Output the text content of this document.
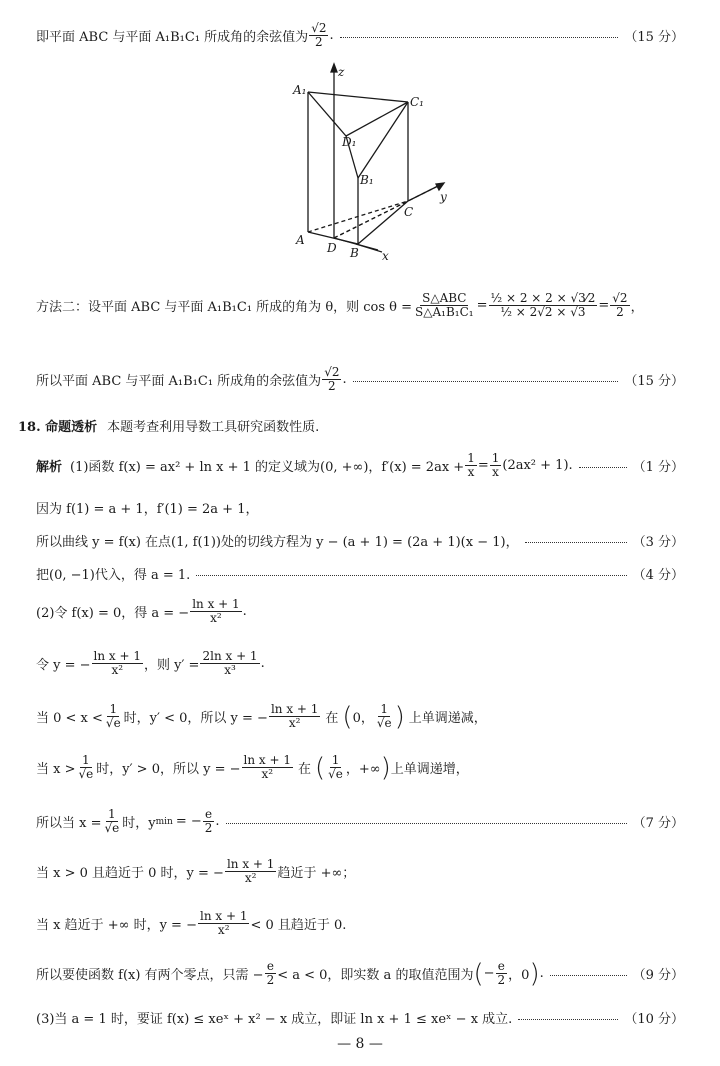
即平面 ABC 与平面 A₁B₁C₁ 所成角的余弦值为 $\frac{√2}{2}$ .	（15 分）
A₁
C₁
D₁
B₁
A
D B
C
x
y
z
方法二：设平面 ABC 与平面 A₁B₁C₁ 所成的角为 θ，则 $\cos \theta = \frac{\text{S△ABC}}{\text{S△A₁B₁C₁}} = \frac{\text{½ × 2 × 2 × √3⁄2}}{\text{½ × 2√2 × √3}} = \frac{√2}{2}$ ，
所以平面 ABC 与平面 A₁B₁C₁ 所成角的余弦值为 $\frac{√2}{2}$ .	（15 分）
18. 命题透析 本题考查利用导数工具研究函数性质.
解析 (1)函数 f(x) = ax² + ln x + 1 的定义域为(0, +∞)，$f'(x) = 2ax + \frac{1}{x} = \frac{1}{x} (2ax^2 + 1)$.	（1 分）
因为 f(1) = a + 1，f′(1) = 2a + 1，
所以曲线 y = f(x) 在点(1, f(1))处的切线方程为 y − (a + 1) = (2a + 1)(x − 1)，	（3 分）
把(0, −1)代入，得 a = 1.	（4 分）
(2)令 f(x) = 0，得 a = − $\frac{\text{ln x + 1}}{\text{x²}}$ .
令 y = − $\frac{\text{ln x + 1}}{\text{x²}}$ ，则 $y' = \frac{\text{2ln x + 1}}{\text{x³}}$ .
当 $0 < x < \frac{1}{√e}$ 时，y′ < 0，所以 y = − $\frac{\text{ln x + 1}}{\text{x²}}$ 在 ( 0， $\frac{1}{√e}$ ) 上单调递减，
当 $x > \frac{1}{√e}$ 时，y′ > 0，所以 y = − $\frac{\text{ln x + 1}}{\text{x²}}$ 在 ( $\frac{1}{√e}$ ，+∞ ) 上单调递增，
所以当 $x = \frac{1}{√e}$ 时，y min = − $\frac{e}{2}$ .	（7 分）
当 x > 0 且趋近于 0 时，y = − $\frac{\text{ln x + 1}}{\text{x²}}$ 趋近于 +∞；
当 x 趋近于 +∞ 时，y = − $\frac{\text{ln x + 1}}{\text{x²}} < 0$ 且趋近于 0.
所以要使函数 f(x) 有两个零点，只需 − $\frac{e}{2} < a < 0$，即实数 a 的取值范围为 ( − $\frac{e}{2}$ ，0 ) .	（9 分）
(3)当 a = 1 时，要证 f(x) ≤ xeˣ + x² − x 成立，即证 ln x + 1 ≤ xeˣ − x 成立.	（10 分）
— 8 —
